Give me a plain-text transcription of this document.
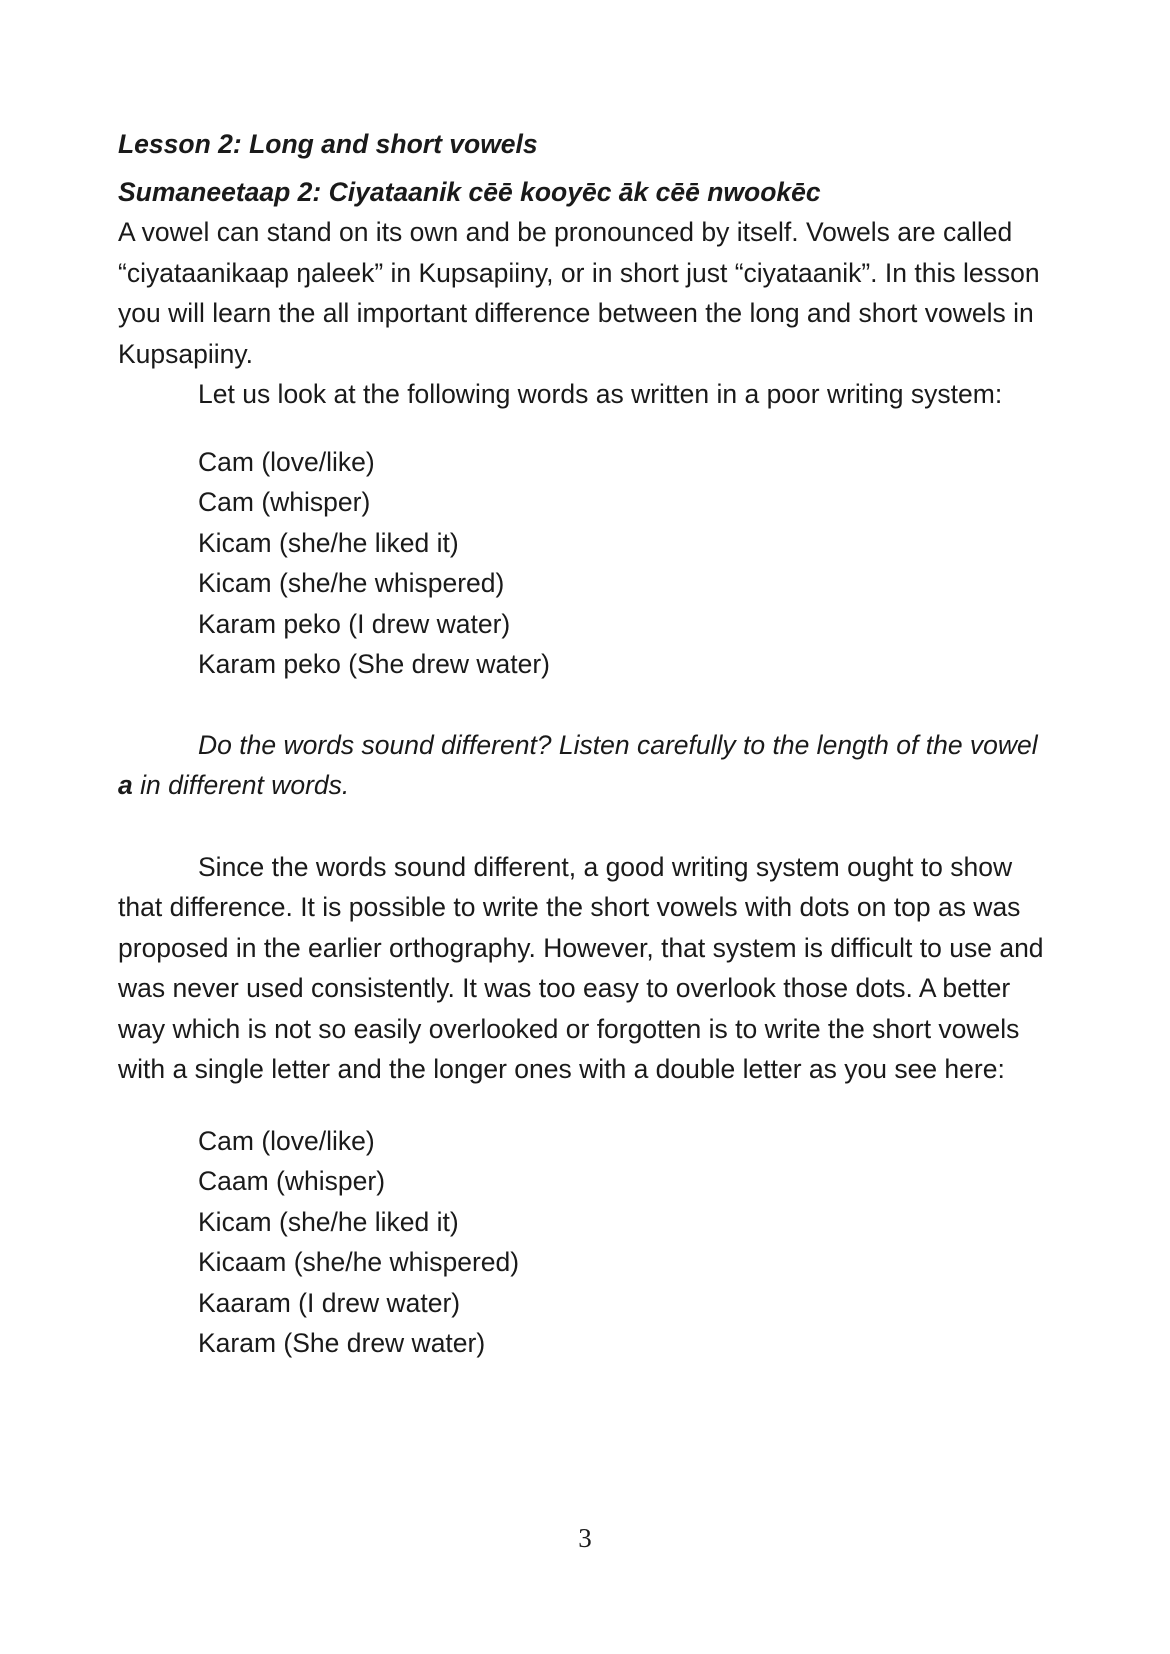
Lesson 2: Long and short vowels

Sumaneetaap 2: Ciyataanik cēē kooyēc āk cēē nwookēc

A vowel can stand on its own and be pronounced by itself. Vowels are called “ciyataanikaap ŋaleek” in Kupsapiiny, or in short just “ciyataanik”. In this lesson you will learn the all important difference between the long and short vowels in Kupsapiiny.

Let us look at the following words as written in a poor writing system:

Cam (love/like)
Cam (whisper)
Kicam (she/he liked it)
Kicam (she/he whispered)
Karam peko (I drew water)
Karam peko (She drew water)

Do the words sound different? Listen carefully to the length of the vowel a in different words.

Since the words sound different, a good writing system ought to show that difference. It is possible to write the short vowels with dots on top as was proposed in the earlier orthography. However, that system is difficult to use and was never used consistently. It was too easy to overlook those dots. A better way which is not so easily overlooked or forgotten is to write the short vowels with a single letter and the longer ones with a double letter as you see here:

Cam (love/like)
Caam (whisper)
Kicam (she/he liked it)
Kicaam (she/he whispered)
Kaaram (I drew water)
Karam (She drew water)
3
